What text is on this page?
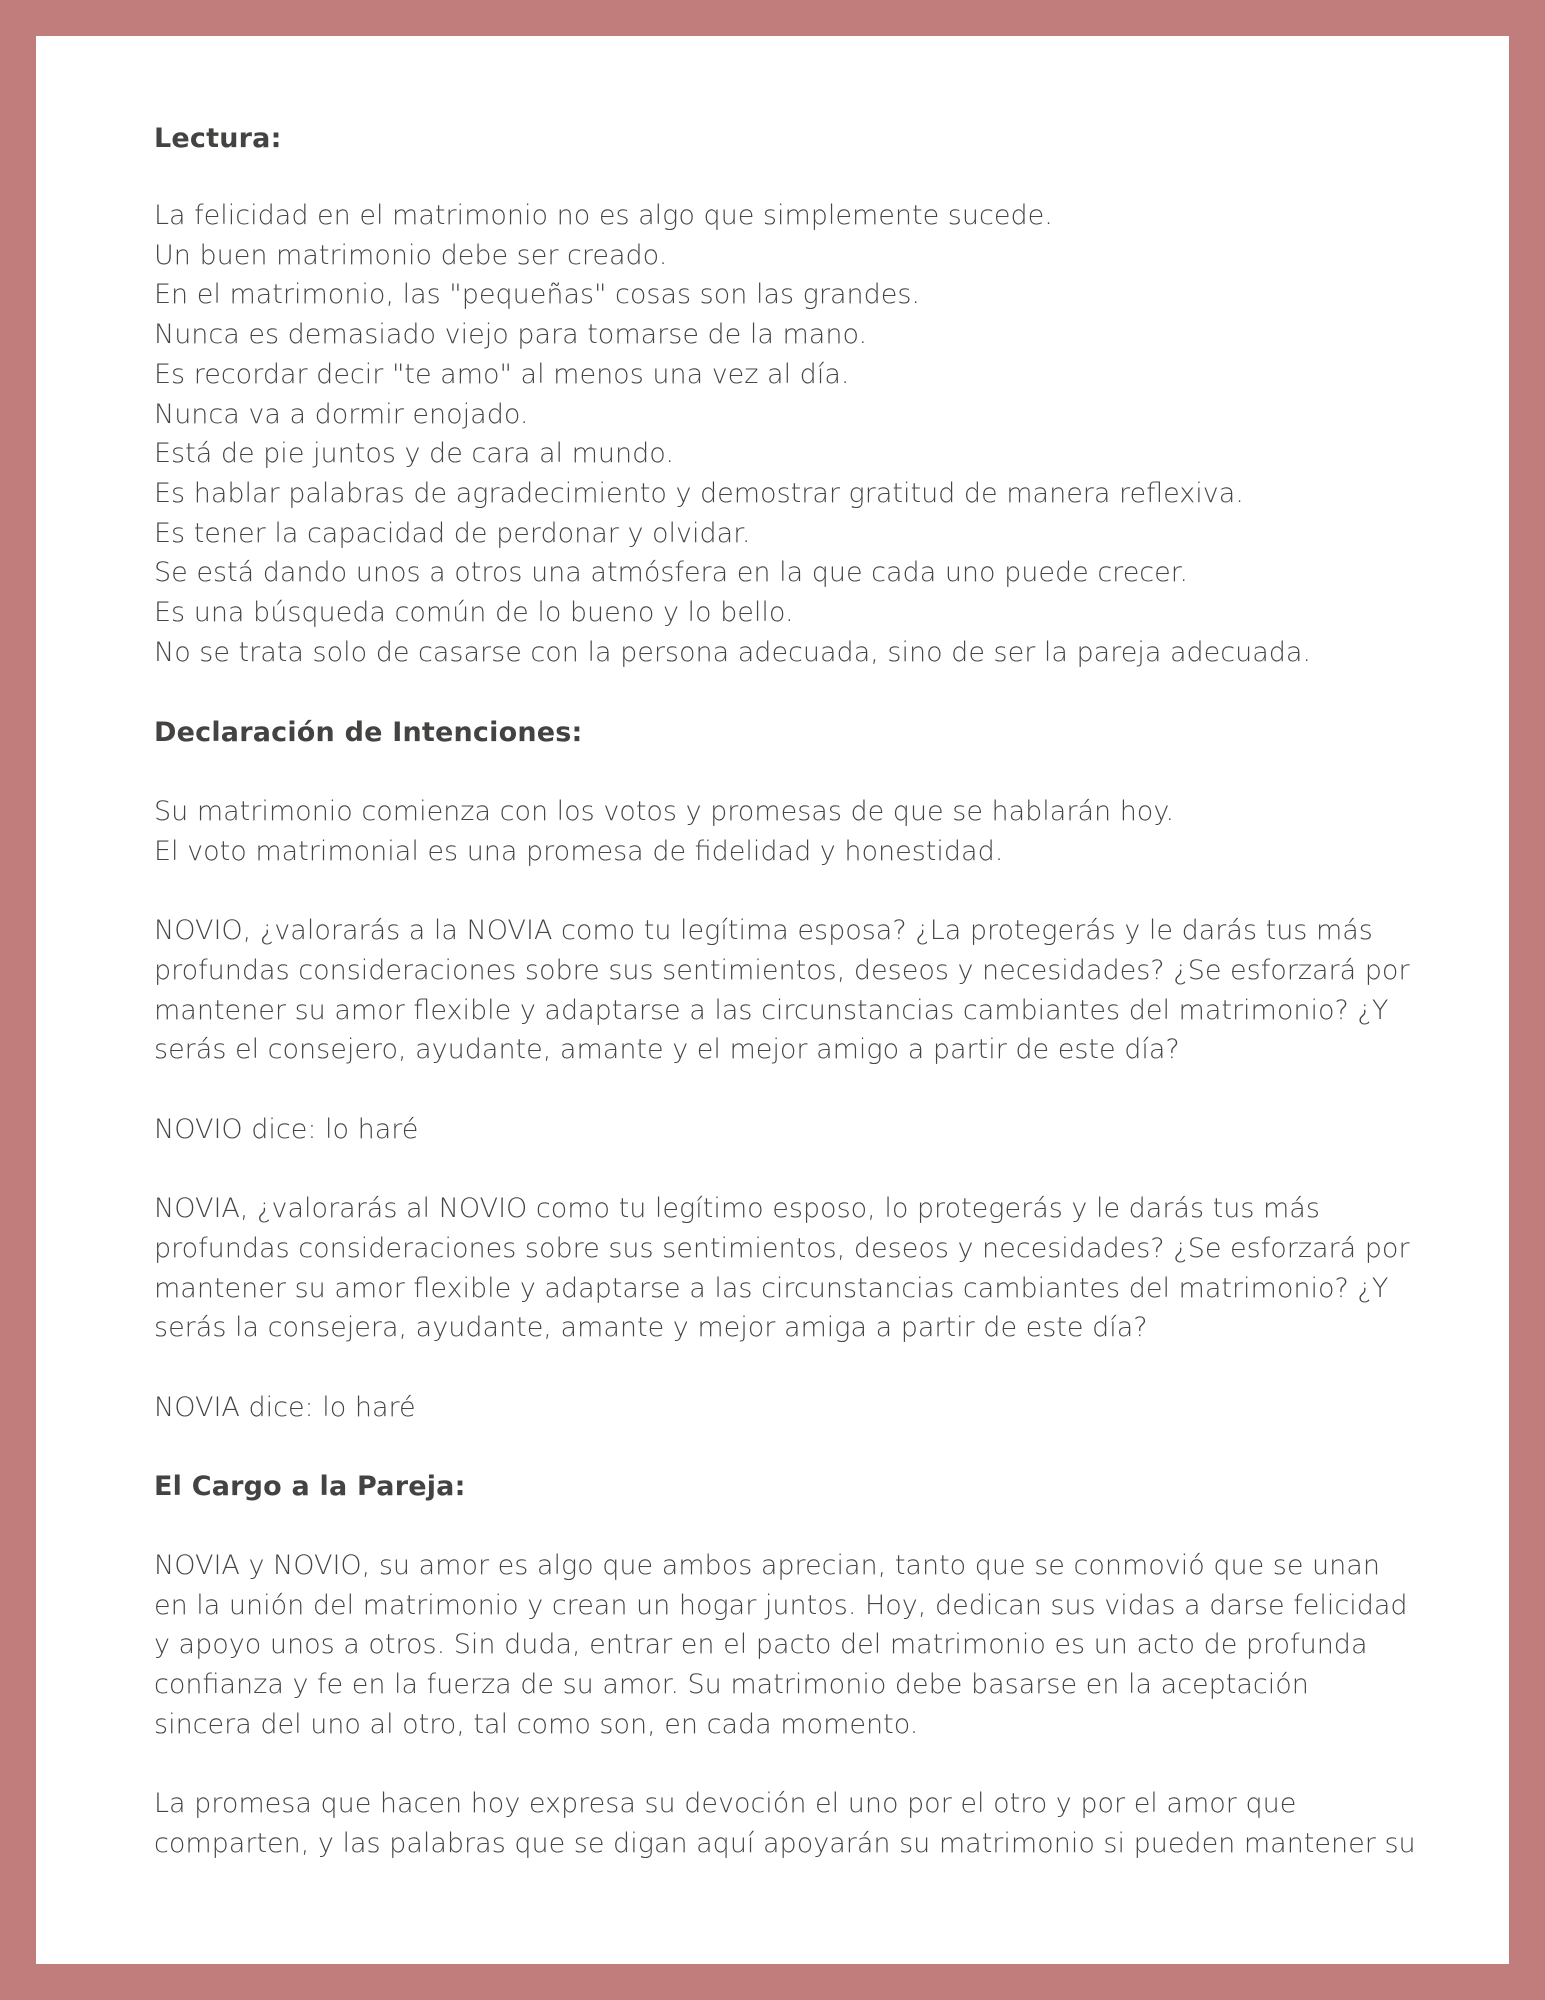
Lectura:
La felicidad en el matrimonio no es algo que simplemente sucede.
Un buen matrimonio debe ser creado.
En el matrimonio, las "pequeñas" cosas son las grandes.
Nunca es demasiado viejo para tomarse de la mano.
Es recordar decir "te amo" al menos una vez al día.
Nunca va a dormir enojado.
Está de pie juntos y de cara al mundo.
Es hablar palabras de agradecimiento y demostrar gratitud de manera reflexiva.
Es tener la capacidad de perdonar y olvidar.
Se está dando unos a otros una atmósfera en la que cada uno puede crecer.
Es una búsqueda común de lo bueno y lo bello.
No se trata solo de casarse con la persona adecuada, sino de ser la pareja adecuada.
Declaración de Intenciones:
Su matrimonio comienza con los votos y promesas de que se hablarán hoy.
El voto matrimonial es una promesa de fidelidad y honestidad.
NOVIO, ¿valorarás a la NOVIA como tu legítima esposa? ¿La protegerás y le darás tus más
profundas consideraciones sobre sus sentimientos, deseos y necesidades? ¿Se esforzará por
mantener su amor flexible y adaptarse a las circunstancias cambiantes del matrimonio? ¿Y
serás el consejero, ayudante, amante y el mejor amigo a partir de este día?
NOVIO dice: lo haré
NOVIA, ¿valorarás al NOVIO como tu legítimo esposo, lo protegerás y le darás tus más
profundas consideraciones sobre sus sentimientos, deseos y necesidades? ¿Se esforzará por
mantener su amor flexible y adaptarse a las circunstancias cambiantes del matrimonio? ¿Y
serás la consejera, ayudante, amante y mejor amiga a partir de este día?
NOVIA dice: lo haré
El Cargo a la Pareja:
NOVIA y NOVIO, su amor es algo que ambos aprecian, tanto que se conmovió que se unan
en la unión del matrimonio y crean un hogar juntos. Hoy, dedican sus vidas a darse felicidad
y apoyo unos a otros. Sin duda, entrar en el pacto del matrimonio es un acto de profunda
confianza y fe en la fuerza de su amor. Su matrimonio debe basarse en la aceptación
sincera del uno al otro, tal como son, en cada momento.
La promesa que hacen hoy expresa su devoción el uno por el otro y por el amor que
comparten, y las palabras que se digan aquí apoyarán su matrimonio si pueden mantener su
